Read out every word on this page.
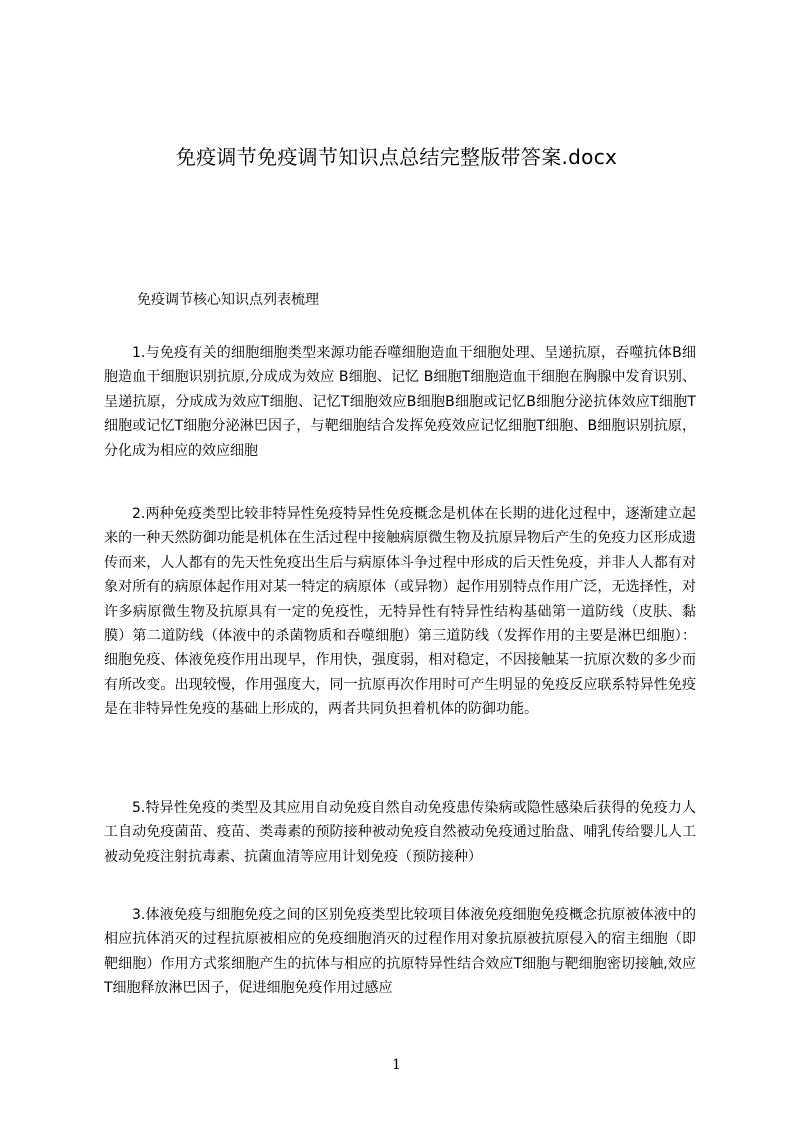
免疫调节免疫调节知识点总结完整版带答案.docx

免疫调节核心知识点列表梳理

1.与免疫有关的细胞细胞类型来源功能吞噬细胞造血干细胞处理、呈递抗原，吞噬抗体B细胞造血干细胞识别抗原,分成成为效应 B细胞、记忆 B细胞T细胞造血干细胞在胸腺中发育识别、呈递抗原，分成成为效应T细胞、记忆T细胞效应B细胞B细胞或记忆B细胞分泌抗体效应T细胞T细胞或记忆T细胞分泌淋巴因子，与靶细胞结合发挥免疫效应记忆细胞T细胞、B细胞识别抗原，分化成为相应的效应细胞

2.两种免疫类型比较非特异性免疫特异性免疫概念是机体在长期的进化过程中，逐渐建立起来的一种天然防御功能是机体在生活过程中接触病原微生物及抗原异物后产生的免疫力区形成遗传而来，人人都有的先天性免疫出生后与病原体斗争过程中形成的后天性免疫，并非人人都有对象对所有的病原体起作用对某一特定的病原体（或异物）起作用别特点作用广泛，无选择性，对许多病原微生物及抗原具有一定的免疫性，无特异性有特异性结构基础第一道防线（皮肤、黏膜）第二道防线（体液中的杀菌物质和吞噬细胞）第三道防线（发挥作用的主要是淋巴细胞）：细胞免疫、体液免疫作用出现早，作用快，强度弱，相对稳定，不因接触某一抗原次数的多少而有所改变。出现较慢，作用强度大，同一抗原再次作用时可产生明显的免疫反应联系特异性免疫是在非特异性免疫的基础上形成的，两者共同负担着机体的防御功能。

5.特异性免疫的类型及其应用自动免疫自然自动免疫患传染病或隐性感染后获得的免疫力人工自动免疫菌苗、疫苗、类毒素的预防接种被动免疫自然被动免疫通过胎盘、哺乳传给婴儿人工被动免疫注射抗毒素、抗菌血清等应用计划免疫（预防接种）

3.体液免疫与细胞免疫之间的区别免疫类型比较项目体液免疫细胞免疫概念抗原被体液中的相应抗体消灭的过程抗原被相应的免疫细胞消灭的过程作用对象抗原被抗原侵入的宿主细胞（即靶细胞）作用方式浆细胞产生的抗体与相应的抗原特异性结合效应T细胞与靶细胞密切接触,效应 T细胞释放淋巴因子，促进细胞免疫作用过感应

1
